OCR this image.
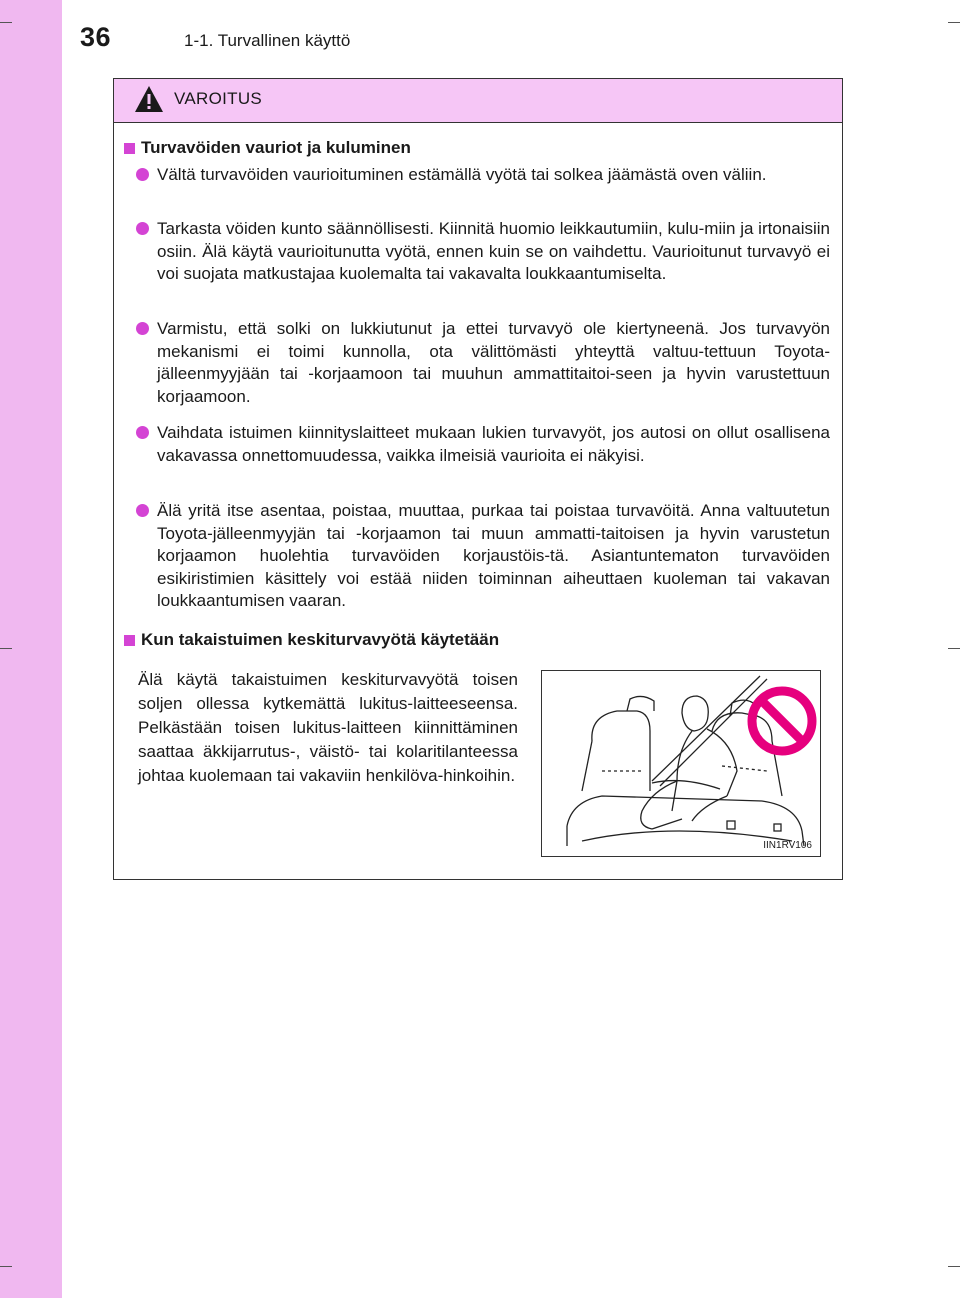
36	1-1. Turvallinen käyttö
VAROITUS
Turvavöiden vauriot ja kuluminen
Vältä turvavöiden vaurioituminen estämällä vyötä tai solkea jäämästä oven väliin.
Tarkasta vöiden kunto säännöllisesti. Kiinnitä huomio leikkautumiin, kulu-miin ja irtonaisiin osiin. Älä käytä vaurioitunutta vyötä, ennen kuin se on vaihdettu. Vaurioitunut turvavyö ei voi suojata matkustajaa kuolemalta tai vakavalta loukkaantumiselta.
Varmistu, että solki on lukkiutunut ja ettei turvavyö ole kiertyneenä. Jos turvavyön mekanismi ei toimi kunnolla, ota välittömästi yhteyttä valtuu-tettuun Toyota-jälleenmyyjään tai -korjaamoon tai muuhun ammattitaitoi-seen ja hyvin varustettuun korjaamoon.
Vaihdata istuimen kiinnityslaitteet mukaan lukien turvavyöt, jos autosi on ollut osallisena vakavassa onnettomuudessa, vaikka ilmeisiä vaurioita ei näkyisi.
Älä yritä itse asentaa, poistaa, muuttaa, purkaa tai poistaa turvavöitä. Anna valtuutetun Toyota-jälleenmyyjän tai -korjaamon tai muun ammatti-taitoisen ja hyvin varustetun korjaamon huolehtia turvavöiden korjaustöis-tä. Asiantuntematon turvavöiden esikiristimien käsittely voi estää niiden toiminnan aiheuttaen kuoleman tai vakavan loukkaantumisen vaaran.
Kun takaistuimen keskiturvavyötä käytetään
Älä käytä takaistuimen keskiturvavyötä toisen soljen ollessa kytkemättä lukitus-laitteeseensa. Pelkästään toisen lukitus-laitteen kiinnittäminen saattaa äkkijarrutus-, väistö- tai kolaritilanteessa johtaa kuolemaan tai vakaviin henkilöva-hinkoihin.
IIN1RV106
